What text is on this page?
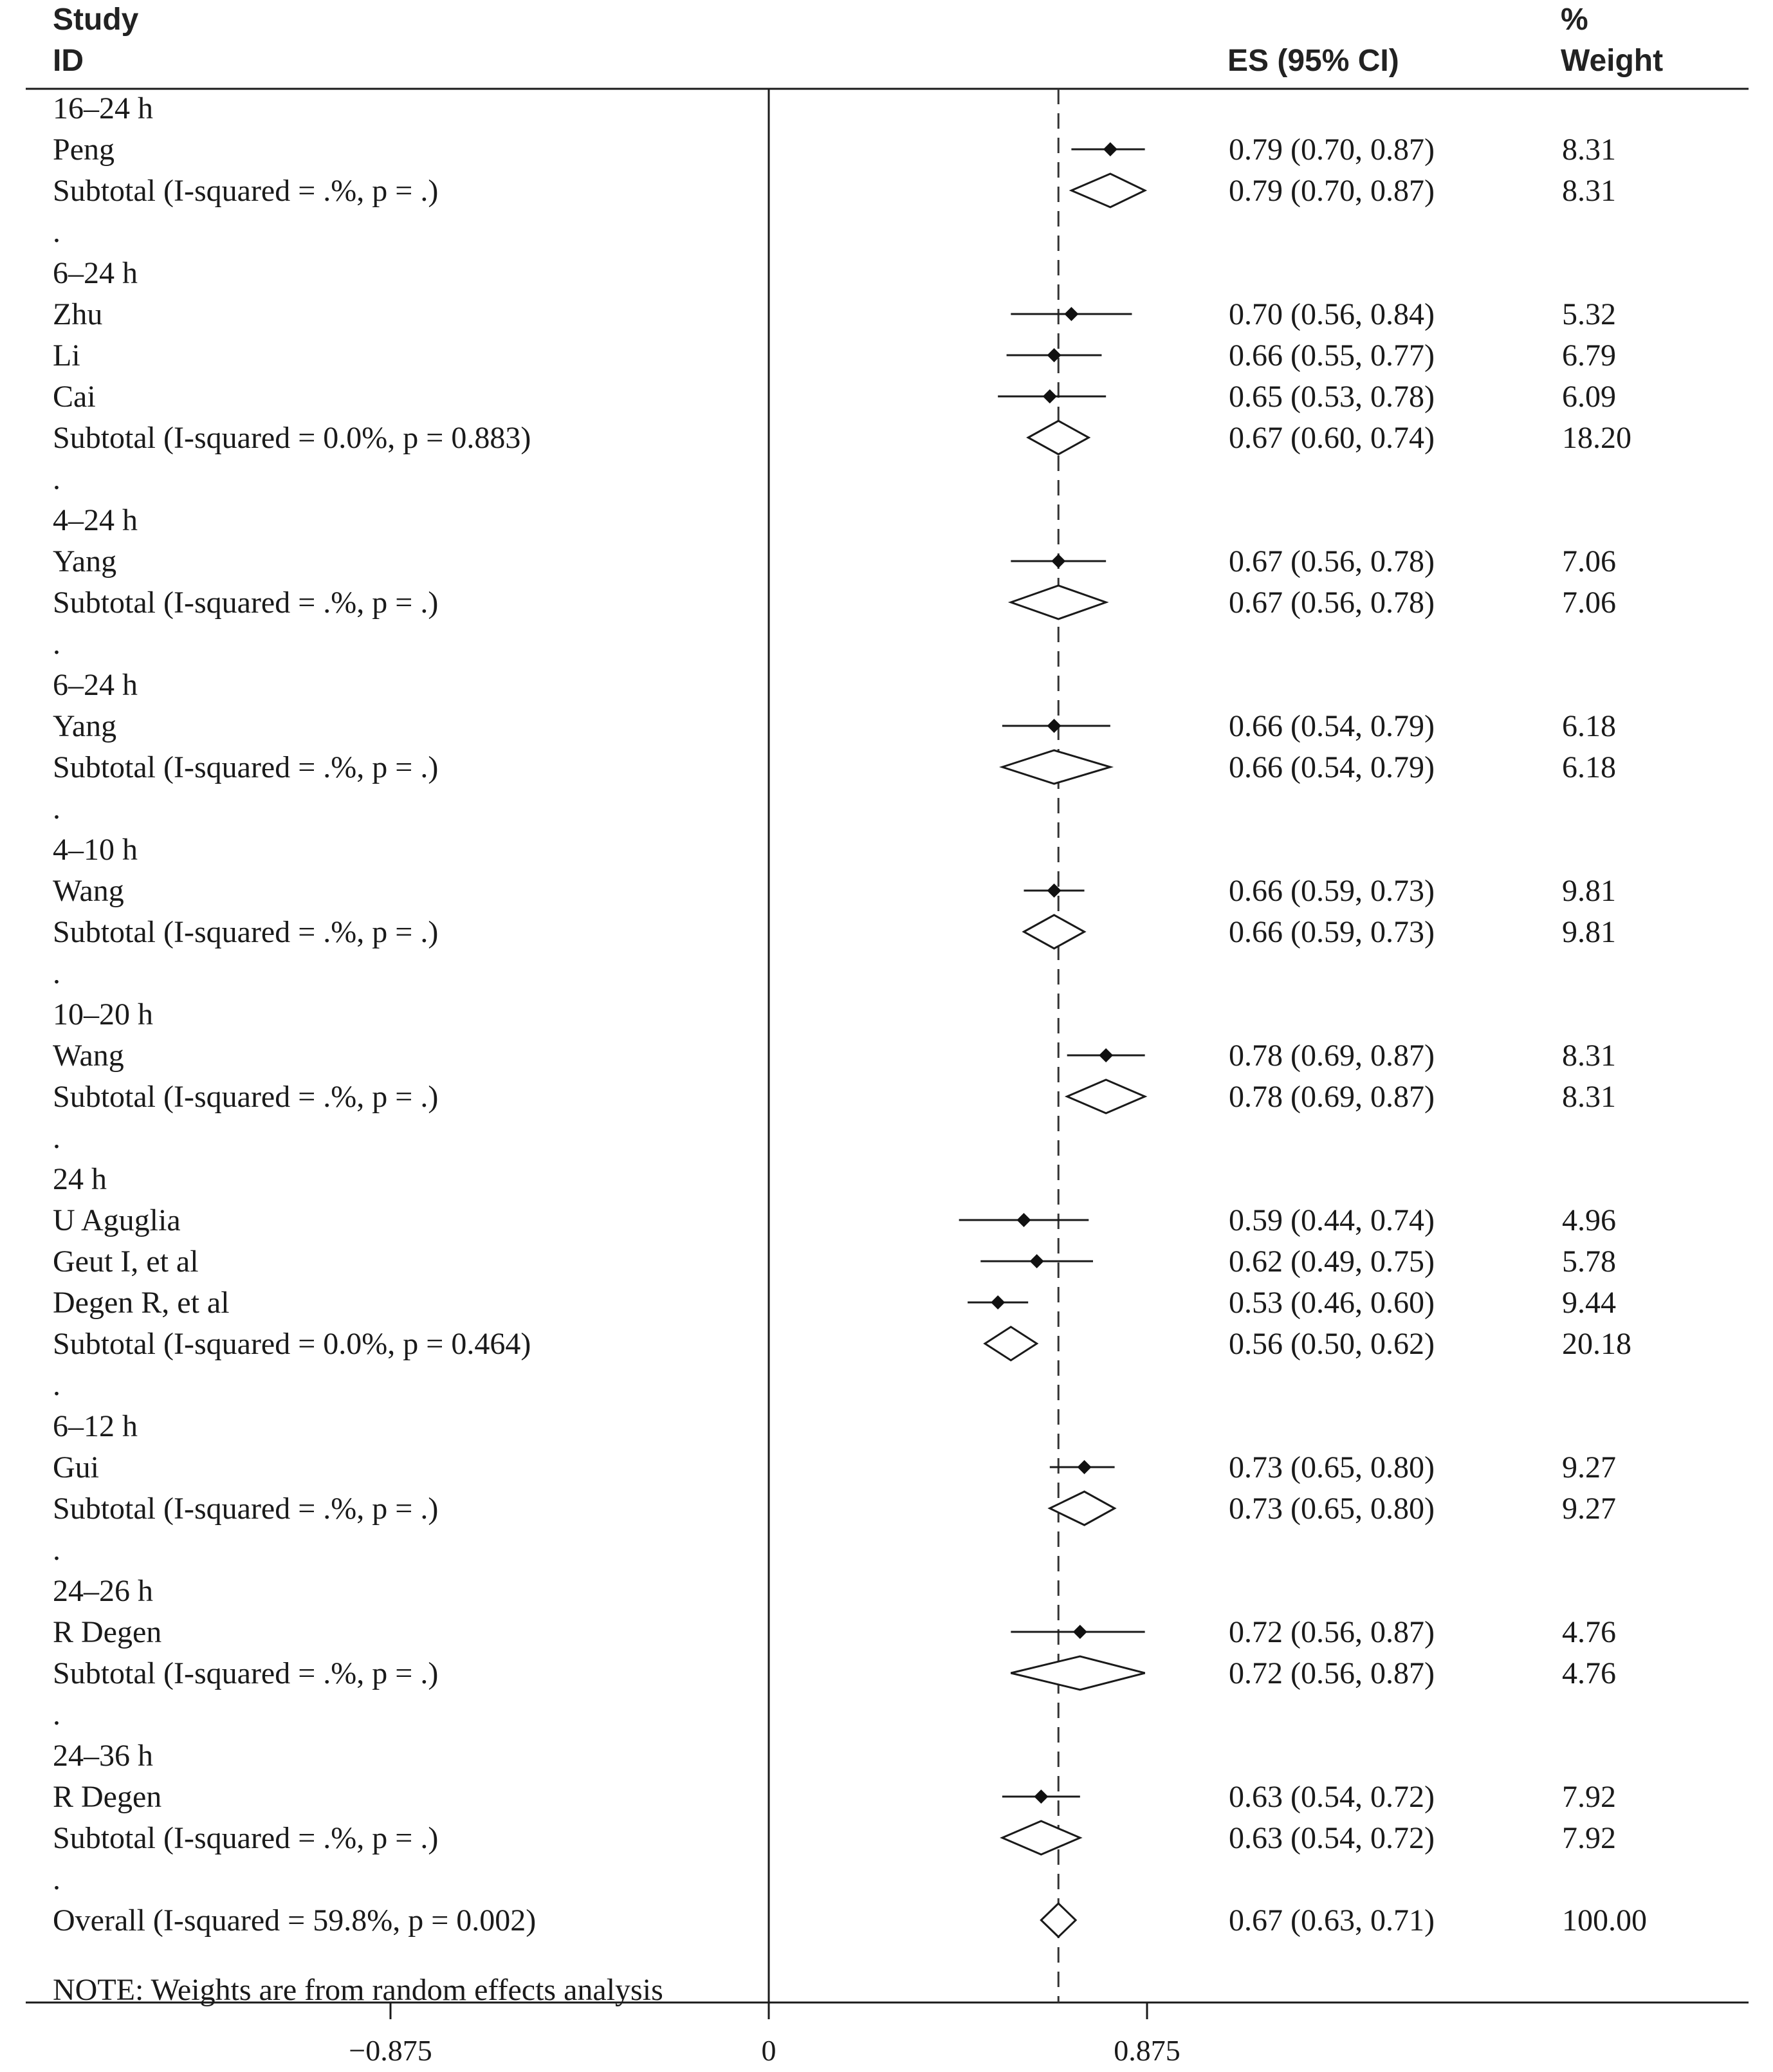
Study
ID	ES (95% CI)
%
Weight
−0.875	0	0.875
16–24 h
Peng	0.79 (0.70, 0.87)	8.31
Subtotal (I-squared = .%, p = .)	0.79 (0.70, 0.87)	8.31
.
6–24 h
Zhu	0.70 (0.56, 0.84)	5.32
Li	0.66 (0.55, 0.77)	6.79
Cai	0.65 (0.53, 0.78)	6.09
Subtotal (I-squared = 0.0%, p = 0.883)	0.67 (0.60, 0.74)	18.20
.
4–24 h
Yang	0.67 (0.56, 0.78)	7.06
Subtotal (I-squared = .%, p = .)	0.67 (0.56, 0.78)	7.06
.
6–24 h
Yang	0.66 (0.54, 0.79)	6.18
Subtotal (I-squared = .%, p = .)	0.66 (0.54, 0.79)	6.18
.
4–10 h
Wang	0.66 (0.59, 0.73)	9.81
Subtotal (I-squared = .%, p = .)	0.66 (0.59, 0.73)	9.81
.
10–20 h
Wang	0.78 (0.69, 0.87)	8.31
Subtotal (I-squared = .%, p = .)	0.78 (0.69, 0.87)	8.31
.
24 h
U Aguglia	0.59 (0.44, 0.74)	4.96
Geut I, et al	0.62 (0.49, 0.75)	5.78
Degen R, et al	0.53 (0.46, 0.60)	9.44
Subtotal (I-squared = 0.0%, p = 0.464)	0.56 (0.50, 0.62)	20.18
.
6–12 h
Gui	0.73 (0.65, 0.80)	9.27
Subtotal (I-squared = .%, p = .)	0.73 (0.65, 0.80)	9.27
.
24–26 h
R Degen	0.72 (0.56, 0.87)	4.76
Subtotal (I-squared = .%, p = .)	0.72 (0.56, 0.87)	4.76
.
24–36 h
R Degen	0.63 (0.54, 0.72)	7.92
Subtotal (I-squared = .%, p = .)	0.63 (0.54, 0.72)	7.92
.
Overall (I-squared = 59.8%, p = 0.002)	0.67 (0.63, 0.71)	100.00
NOTE: Weights are from random effects analysis
